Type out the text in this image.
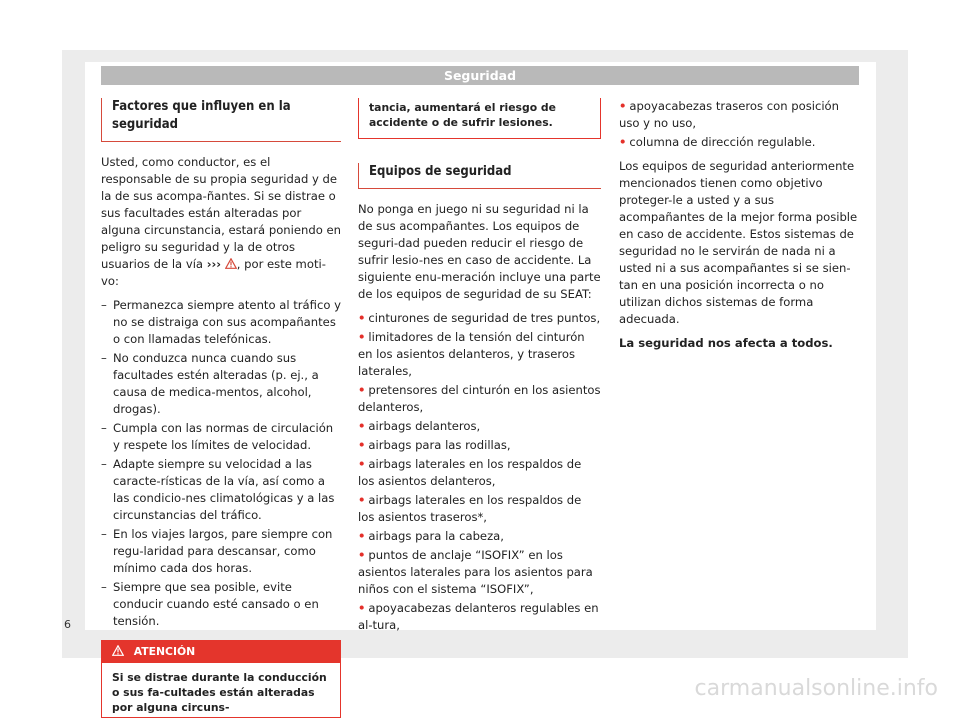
Seguridad
Factores que influyen en la seguridad

Usted, como conductor, es el responsable de su propia seguridad y de la de sus acompa-ñantes. Si se distrae o sus facultades están alteradas por alguna circunstancia, estará poniendo en peligro su seguridad y la de otros usuarios de la vía ››› , por este moti-vo:

– Permanezca siempre atento al tráfico y no se distraiga con sus acompañantes o con llamadas telefónicas.
– No conduzca nunca cuando sus facultades estén alteradas (p. ej., a causa de medica-mentos, alcohol, drogas).
– Cumpla con las normas de circulación y respete los límites de velocidad.
– Adapte siempre su velocidad a las caracte-rísticas de la vía, así como a las condicio-nes climatológicas y a las circunstancias del tráfico.
– En los viajes largos, pare siempre con regu-laridad para descansar, como mínimo cada dos horas.
– Siempre que sea posible, evite conducir cuando esté cansado o en tensión.
ATENCIÓN
Si se distrae durante la conducción o sus fa-cultades están alteradas por alguna circuns-
tancia, aumentará el riesgo de accidente o de sufrir lesiones.
Equipos de seguridad

No ponga en juego ni su seguridad ni la de sus acompañantes. Los equipos de seguri-dad pueden reducir el riesgo de sufrir lesio-nes en caso de accidente. La siguiente enu-meración incluye una parte de los equipos de seguridad de su SEAT:

• cinturones de seguridad de tres puntos,
• limitadores de la tensión del cinturón en los asientos delanteros, y traseros laterales,
• pretensores del cinturón en los asientos delanteros,
• airbags delanteros,
• airbags para las rodillas,
• airbags laterales en los respaldos de los asientos delanteros,
• airbags laterales en los respaldos de los asientos traseros*,
• airbags para la cabeza,
• puntos de anclaje “ISOFIX” en los asientos laterales para los asientos para niños con el sistema “ISOFIX”,
• apoyacabezas delanteros regulables en al-tura,
• apoyacabezas traseros con posición uso y no uso,
• columna de dirección regulable.

Los equipos de seguridad anteriormente mencionados tienen como objetivo proteger-le a usted y a sus acompañantes de la mejor forma posible en caso de accidente. Estos sistemas de seguridad no le servirán de nada ni a usted ni a sus acompañantes si se sien-tan en una posición incorrecta o no utilizan dichos sistemas de forma adecuada.

La seguridad nos afecta a todos.

6
carmanualsonline.info
